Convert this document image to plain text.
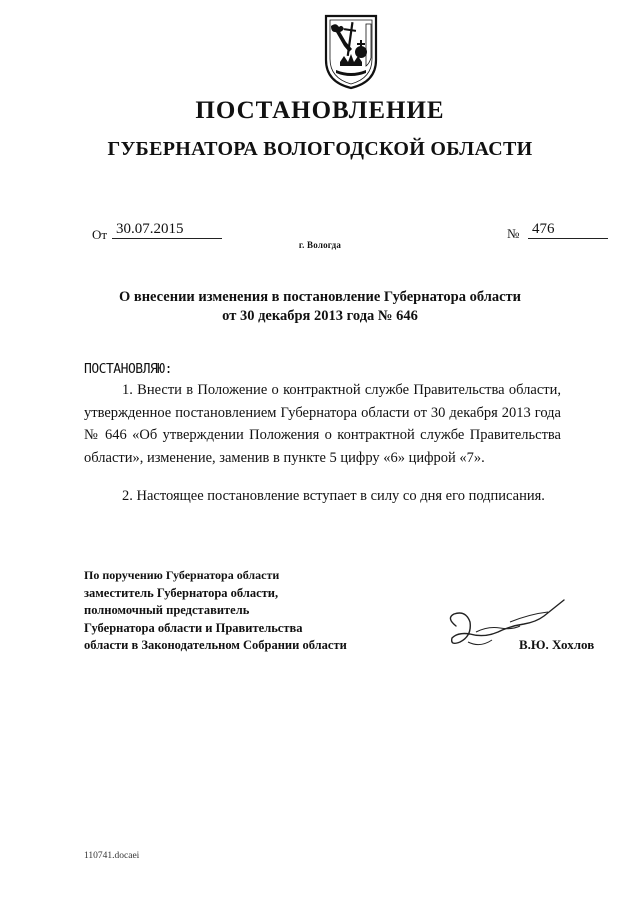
ПОСТАНОВЛЕНИЕ
ГУБЕРНАТОРА ВОЛОГОДСКОЙ ОБЛАСТИ
От 30.07.2015	№ 476
г. Вологда
О внесении изменения в постановление Губернатора области
от 30 декабря 2013 года № 646
ПОСТАНОВЛЯЮ:
1. Внести в Положение о контрактной службе Правительства области, утвержденное постановлением Губернатора области от 30 декабря 2013 года № 646 «Об утверждении Положения о контрактной службе Правительства области», изменение, заменив в пункте 5 цифру «6» цифрой «7».
2. Настоящее постановление вступает в силу со дня его подписания.
По поручению Губернатора области
заместитель Губернатора области,
полномочный представитель
Губернатора области и Правительства
области в Законодательном Собрании области	В.Ю. Хохлов
110741.docaei
